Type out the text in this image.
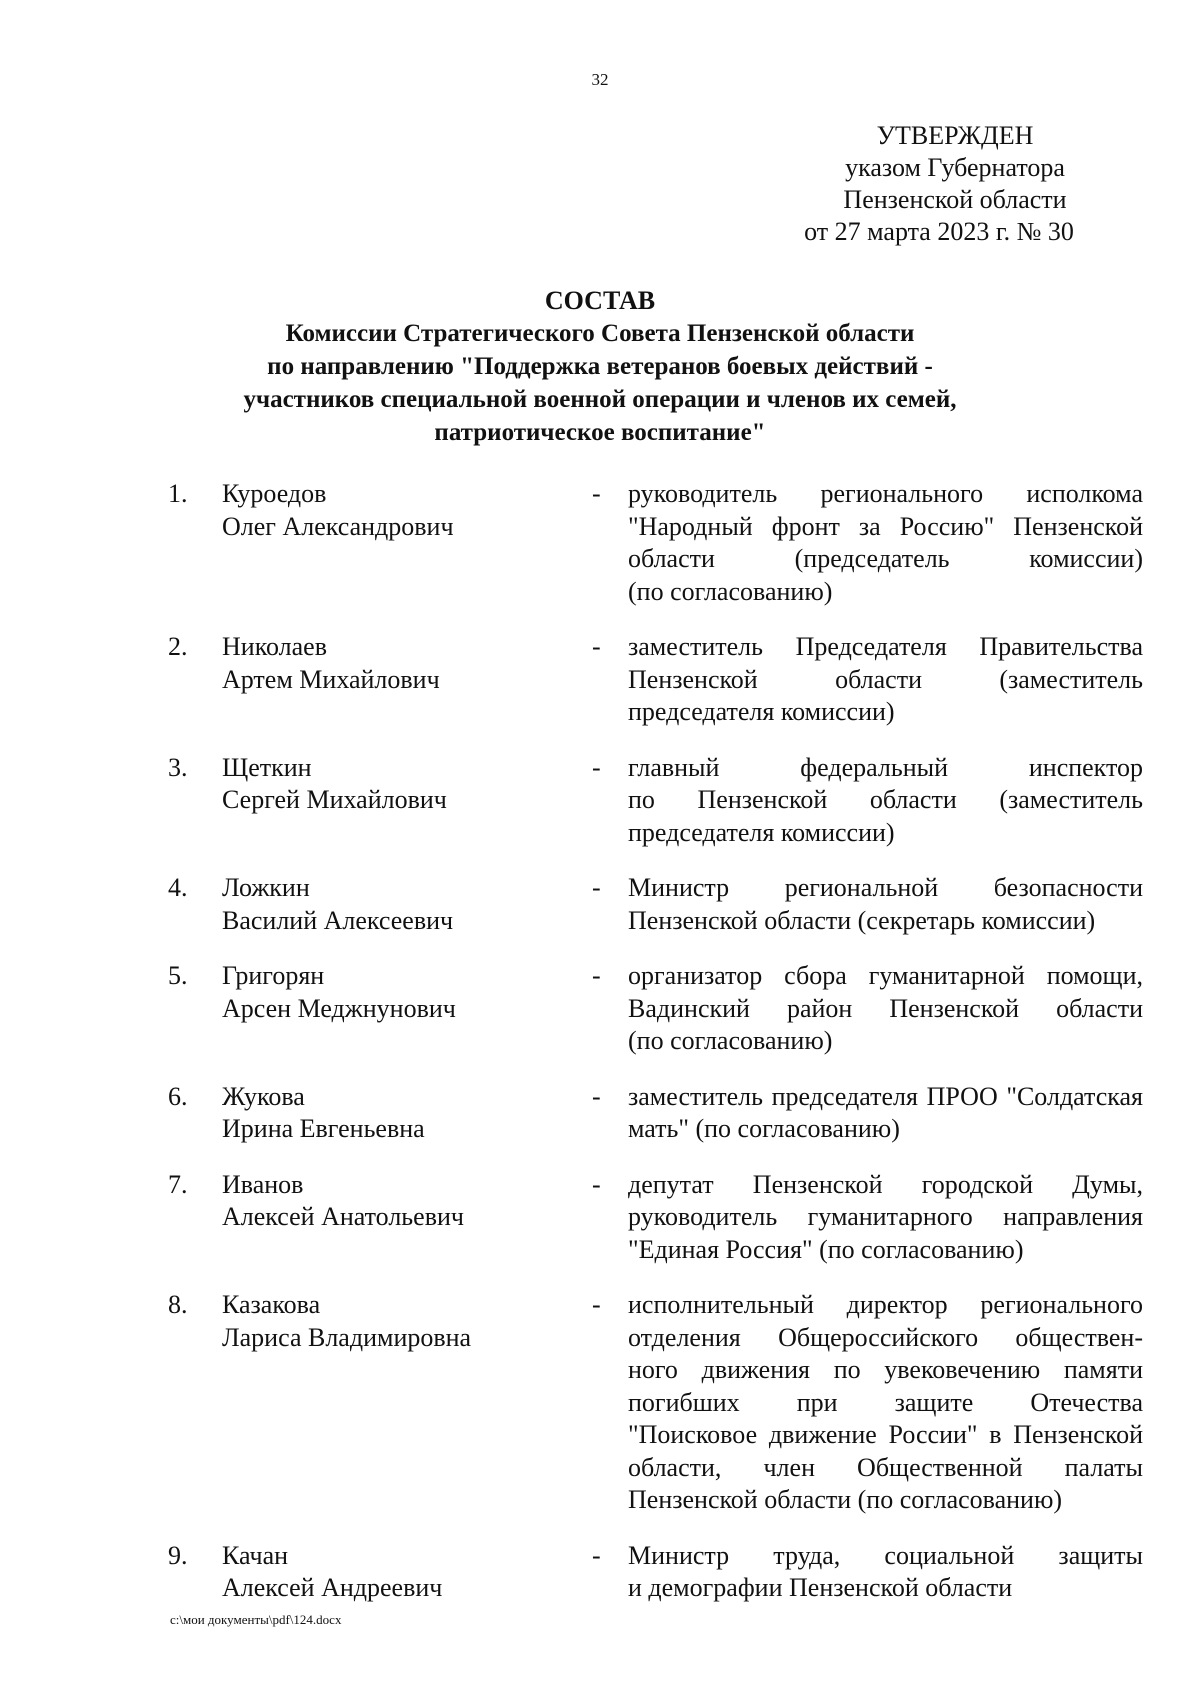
32
УТВЕРЖДЕН
указом Губернатора
Пензенской области
от 27 марта 2023 г. № 30
СОСТАВ
Комиссии Стратегического Совета Пензенской области
по направлению "Поддержка ветеранов боевых действий -
участников специальной военной операции и членов их семей,
патриотическое воспитание"
1. Куроедов
Олег Александрович
- руководитель регионального исполкома
"Народный фронт за Россию" Пензенской
области (председатель комиссии)
(по согласованию)
2. Николаев
Артем Михайлович
- заместитель Председателя Правительства
Пензенской области (заместитель
председателя комиссии)
3. Щеткин
Сергей Михайлович
- главный федеральный инспектор
по Пензенской области (заместитель
председателя комиссии)
4. Ложкин
Василий Алексеевич
- Министр региональной безопасности
Пензенской области (секретарь комиссии)
5. Григорян
Арсен Меджнунович
- организатор сбора гуманитарной помощи,
Вадинский район Пензенской области
(по согласованию)
6. Жукова
Ирина Евгеньевна
- заместитель председателя ПРОО "Солдатская
мать" (по согласованию)
7. Иванов
Алексей Анатольевич
- депутат Пензенской городской Думы,
руководитель гуманитарного направления
"Единая Россия" (по согласованию)
8. Казакова
Лариса Владимировна
- исполнительный директор регионального
отделения Общероссийского обществен-
ного движения по увековечению памяти
погибших при защите Отечества
"Поисковое движение России" в Пензенской
области, член Общественной палаты
Пензенской области (по согласованию)
9. Качан
Алексей Андреевич
- Министр труда, социальной защиты
и демографии Пензенской области
c:\мои документы\pdf\124.docx
